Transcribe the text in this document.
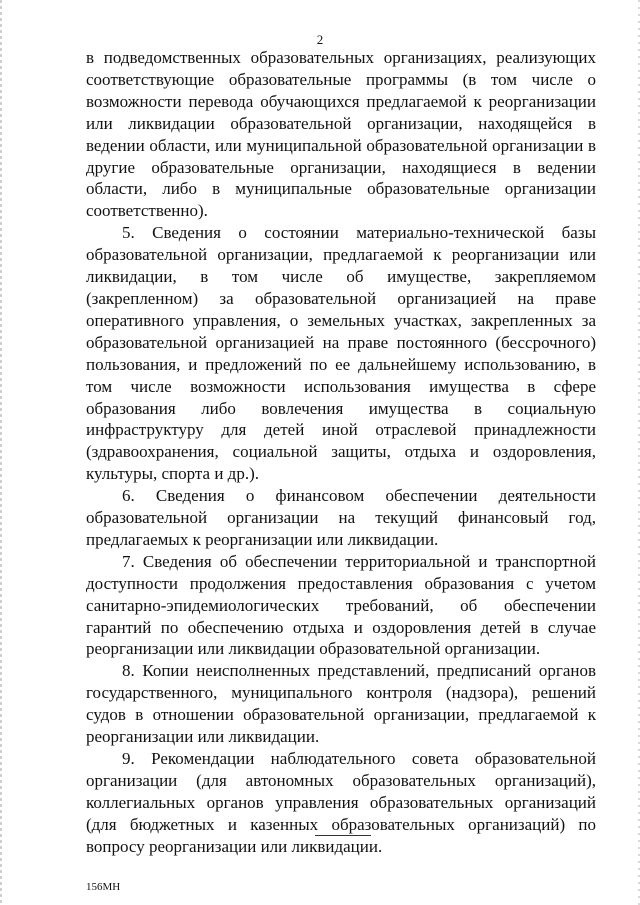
2

в подведомственных образовательных организациях, реализующих соответствующие образовательные программы (в том числе о возможности перевода обучающихся предлагаемой к реорганизации или ликвидации образовательной организации, находящейся в ведении области, или муниципальной образовательной организации в другие образовательные организации, находящиеся в ведении области, либо в муниципальные образовательные организации соответственно).

5. Сведения о состоянии материально-технической базы образовательной организации, предлагаемой к реорганизации или ликвидации, в том числе об имуществе, закрепляемом (закрепленном) за образовательной организацией на праве оперативного управления, о земельных участках, закрепленных за образовательной организацией на праве постоянного (бессрочного) пользования, и предложений по ее дальнейшему использованию, в том числе возможности использования имущества в сфере образования либо вовлечения имущества в социальную инфраструктуру для детей иной отраслевой принадлежности (здравоохранения, социальной защиты, отдыха и оздоровления, культуры, спорта и др.).

6. Сведения о финансовом обеспечении деятельности образовательной организации на текущий финансовый год, предлагаемых к реорганизации или ликвидации.

7. Сведения об обеспечении территориальной и транспортной доступности продолжения предоставления образования с учетом санитарно-эпидемиологических требований, об обеспечении гарантий по обеспечению отдыха и оздоровления детей в случае реорганизации или ликвидации образовательной организации.

8. Копии неисполненных представлений, предписаний органов государственного, муниципального контроля (надзора), решений судов в отношении образовательной организации, предлагаемой к реорганизации или ликвидации.

9. Рекомендации наблюдательного совета образовательной организации (для автономных образовательных организаций), коллегиальных органов управления образовательных организаций (для бюджетных и казенных образовательных организаций) по вопросу реорганизации или ликвидации.

156МН
